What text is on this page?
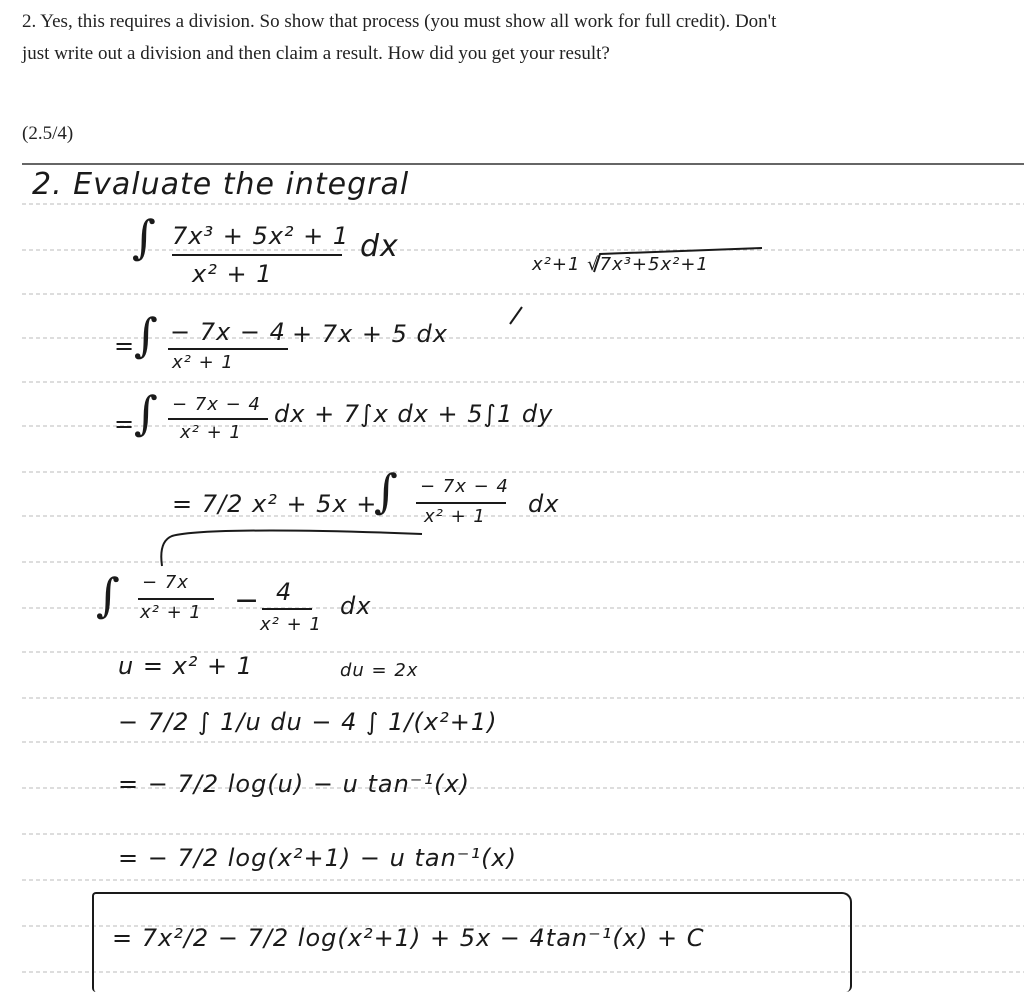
2. Yes, this requires a division. So show that process (you must show all work for full credit). Don't just write out a division and then claim a result. How did you get your result?
(2.5/4)
2. Evaluate the integral
∫ 7x³ + 5x² + 1
x² + 1
dx
x²+1 √7x³+5x²+1
=
∫ − 7x − 4
x² + 1
+ 7x + 5 dx
=
∫ − 7x − 4
x² + 1
dx + 7∫x dx + 5∫1 dy
= 7/2 x² + 5x +
∫ − 7x − 4
x² + 1 dx
∫ − 7x
x² + 1 − 4
x² + 1
dx
u = x² + 1	du = 2x
− 7/2 ∫ 1/u du − 4 ∫ 1/(x²+1)
= − 7/2 log(u) − u tan⁻¹(x)
= − 7/2 log(x²+1) − u tan⁻¹(x)
= 7x²/2 − 7/2 log(x²+1) + 5x − 4tan⁻¹(x) + C
